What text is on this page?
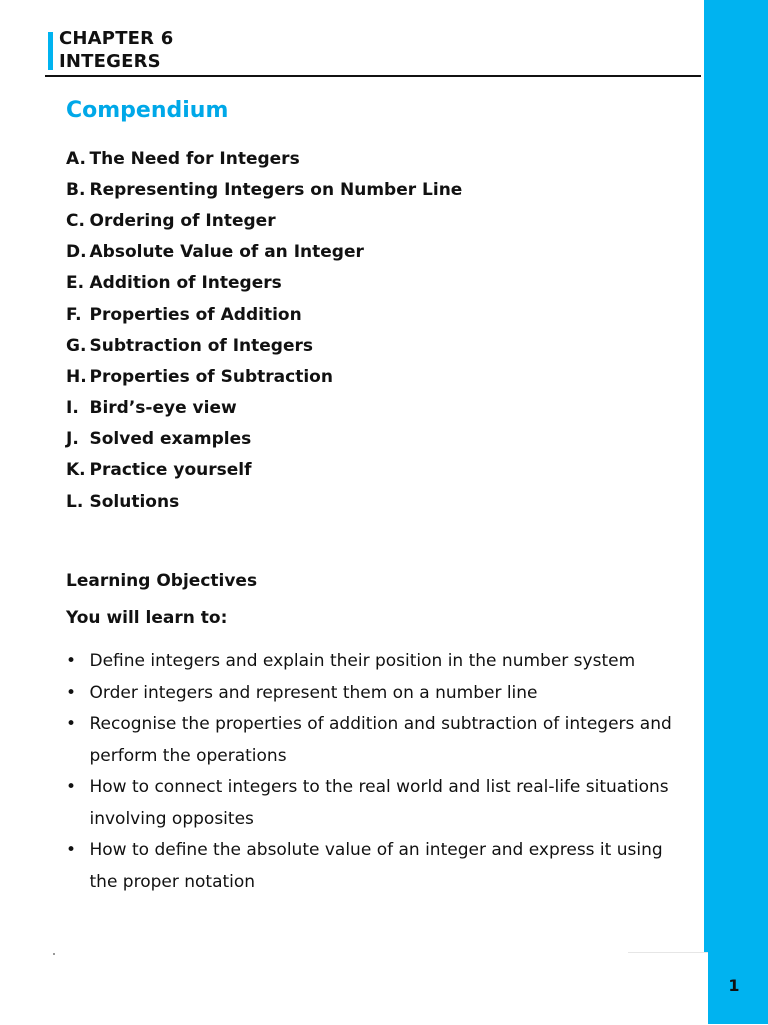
1
CHAPTER 6
INTEGERS
Compendium
A. The Need for Integers
B. Representing Integers on Number Line
C. Ordering of Integer
D. Absolute Value of an Integer
E. Addition of Integers
F. Properties of Addition
G. Subtraction of Integers
H. Properties of Subtraction
I. Bird’s-eye view
J. Solved examples
K. Practice yourself
L. Solutions
Learning Objectives
You will learn to:
•
Define integers and explain their position in the number system
•
Order integers and represent them on a number line
•
Recognise the properties of addition and subtraction of integers and perform the operations
•
How to connect integers to the real world and list real-life situations involving opposites
•
How to define the absolute value of an integer and express it using the proper notation
